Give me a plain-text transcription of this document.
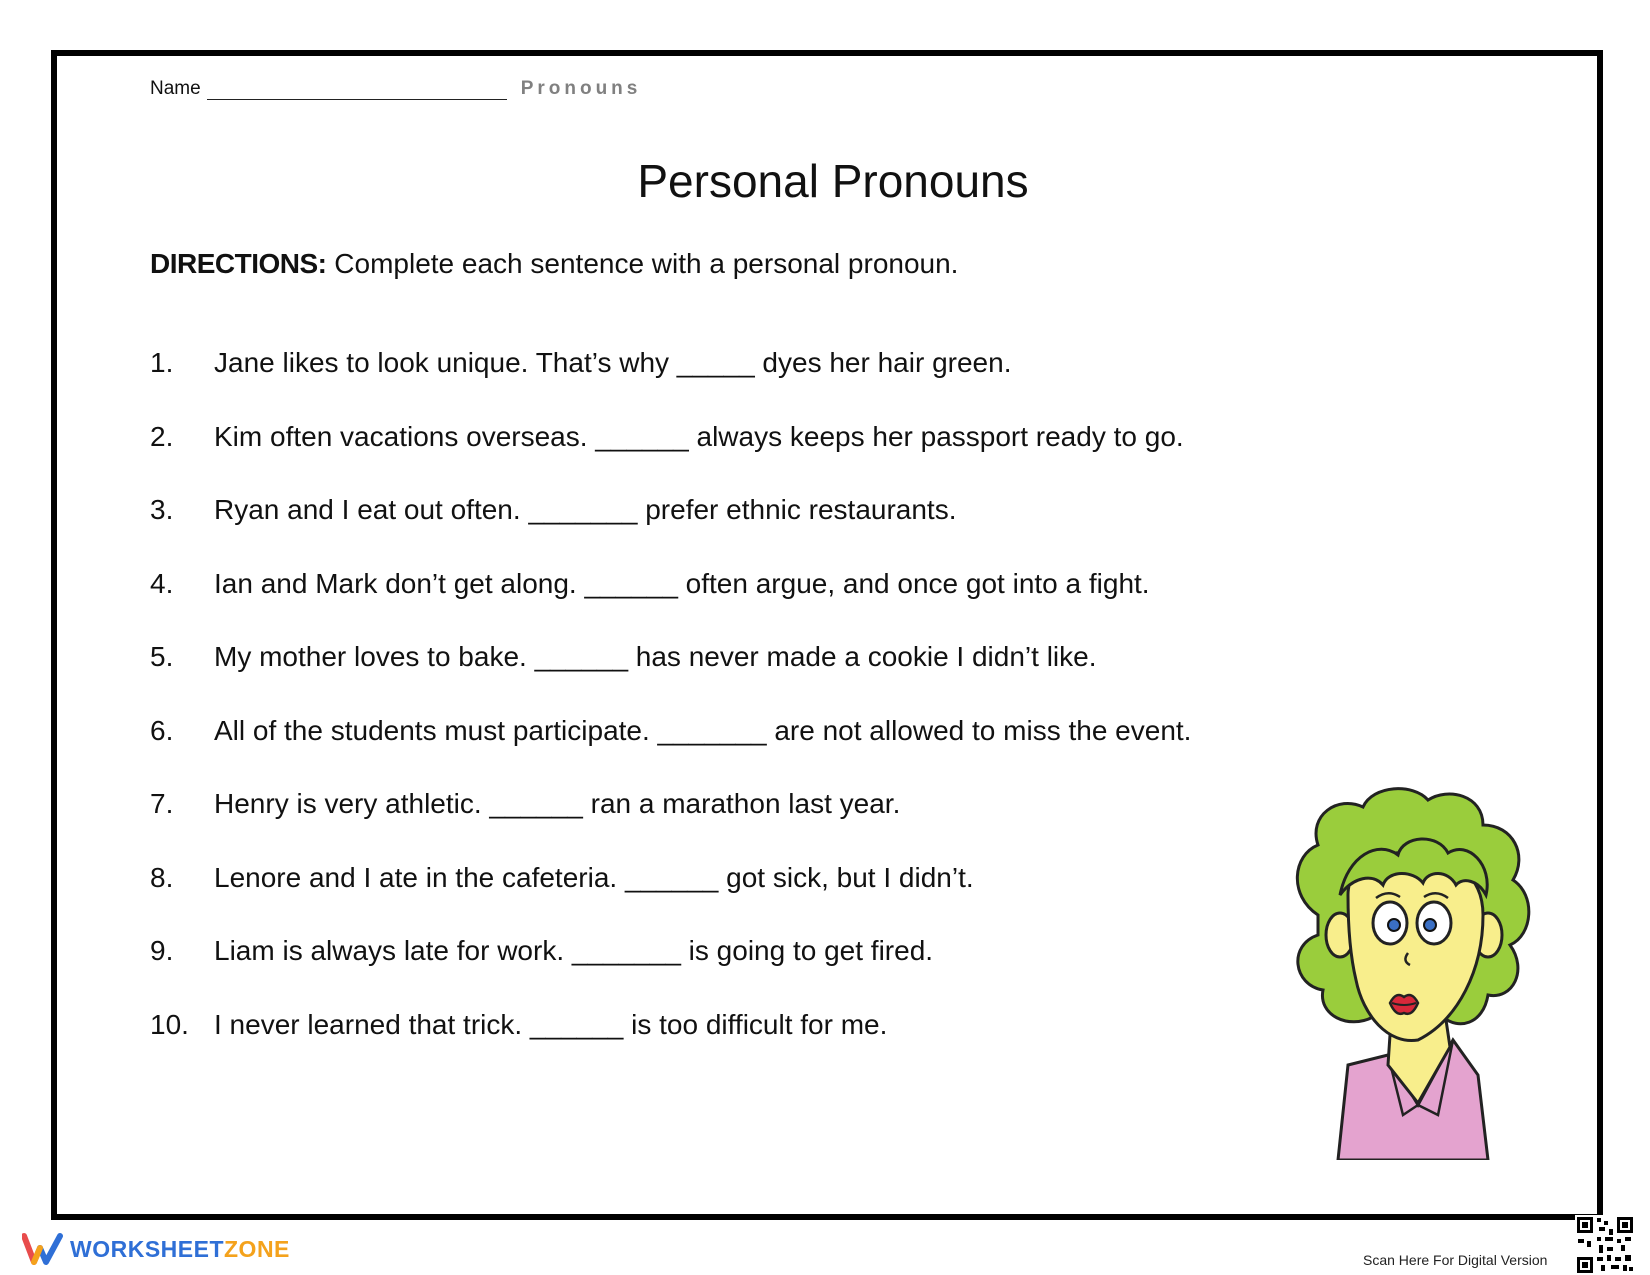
Name	Pronouns
Personal Pronouns
DIRECTIONS: Complete each sentence with a personal pronoun.
1.	Jane likes to look unique. That’s why _____ dyes her hair green.
2.	Kim often vacations overseas. ______ always keeps her passport ready to go.
3.	Ryan and I eat out often. _______ prefer ethnic restaurants.
4.	Ian and Mark don’t get along. ______ often argue, and once got into a fight.
5.	My mother loves to bake. ______ has never made a cookie I didn’t like.
6.	All of the students must participate. _______ are not allowed to miss the event.
7.	Henry is very athletic. ______ ran a marathon last year.
8.	Lenore and I ate in the cafeteria. ______ got sick, but I didn’t.
9.	Liam is always late for work. _______ is going to get fired.
10. I never learned that trick. ______ is too difficult for me.
WORKSHEETZONE	Scan Here For Digital Version
